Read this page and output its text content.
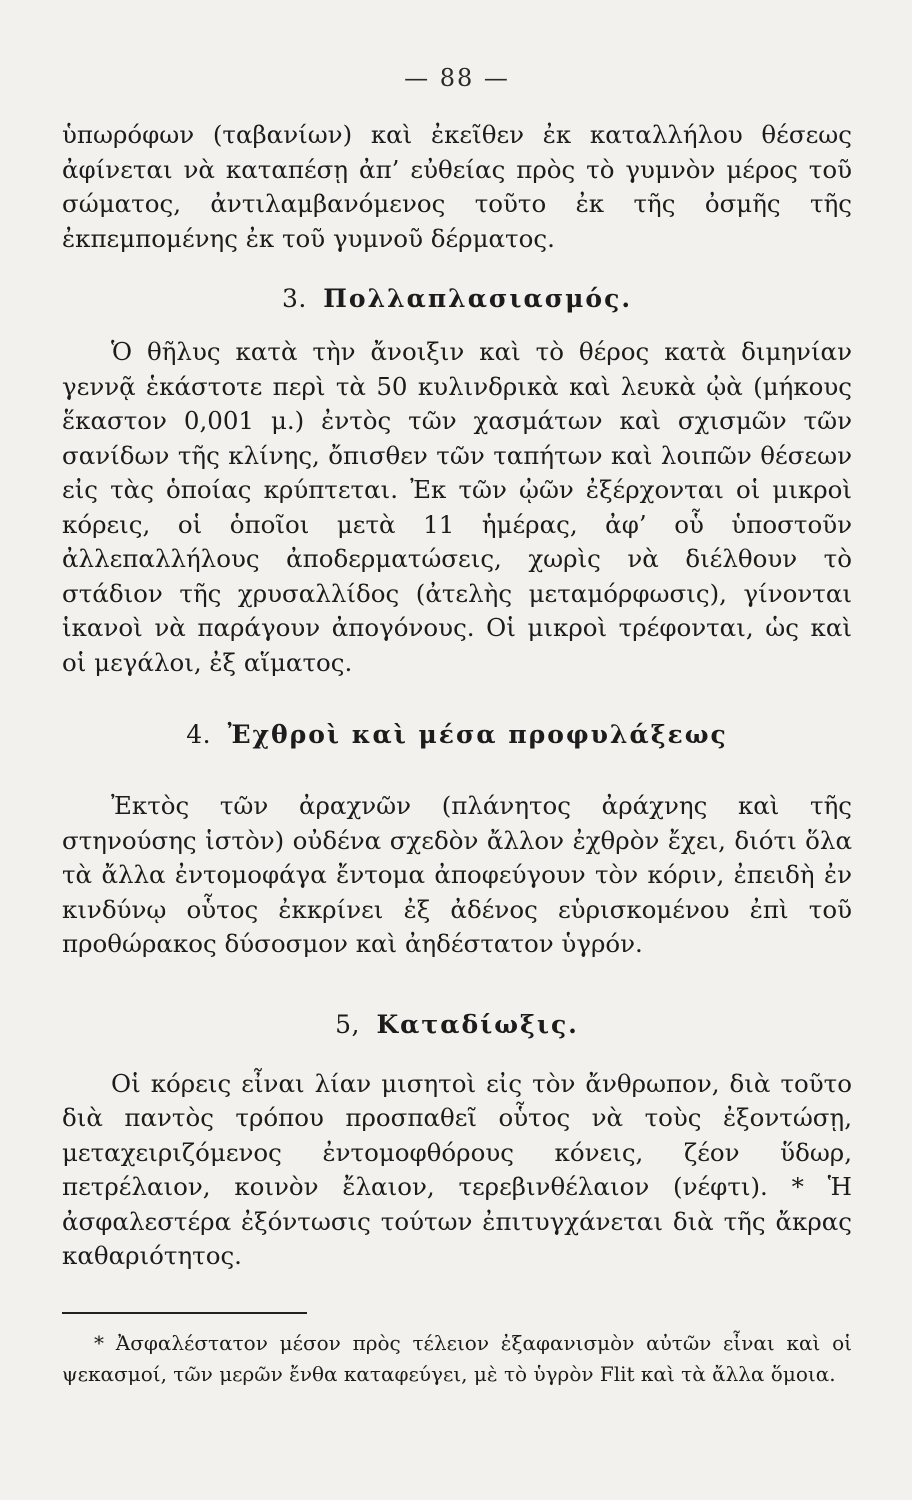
— 88 —

ὑπωρόφων (ταβανίων) καὶ ἐκεῖθεν ἐκ καταλλήλου θέσεως ἀφίνεται νὰ καταπέσῃ ἀπ’ εὐθείας πρὸς τὸ γυμνὸν μέρος τοῦ σώματος, ἀντιλαμβανόμενος τοῦτο ἐκ τῆς ὀσμῆς τῆς ἐκπεμπομένης ἐκ τοῦ γυμνοῦ δέρματος.

3. Πολλαπλασιασμός.

Ὁ θῆλυς κατὰ τὴν ἄνοιξιν καὶ τὸ θέρος κατὰ διμηνίαν γεννᾷ ἑκάστοτε περὶ τὰ 50 κυλινδρικὰ καὶ λευκὰ ᾠὰ (μήκους ἕκαστον 0,001 μ.) ἐντὸς τῶν χασμάτων καὶ σχισμῶν τῶν σανίδων τῆς κλίνης, ὄπισθεν τῶν ταπήτων καὶ λοιπῶν θέσεων εἰς τὰς ὁποίας κρύπτεται. Ἐκ τῶν ᾠῶν ἐξέρχονται οἱ μικροὶ κόρεις, οἱ ὁποῖοι μετὰ 11 ἡμέρας, ἀφ’ οὗ ὑποστοῦν ἀλλεπαλλήλους ἀποδερματώσεις, χωρὶς νὰ διέλθουν τὸ στάδιον τῆς χρυσαλλίδος (ἀτελὴς μεταμόρφωσις), γίνονται ἱκανοὶ νὰ παράγουν ἀπογόνους. Οἱ μικροὶ τρέφονται, ὡς καὶ οἱ μεγάλοι, ἐξ αἵματος.

4. Ἐχθροὶ καὶ μέσα προφυλάξεως

Ἐκτὸς τῶν ἀραχνῶν (πλάνητος ἀράχνης καὶ τῆς στηνούσης ἱστὸν) οὐδένα σχεδὸν ἄλλον ἐχθρὸν ἔχει, διότι ὅλα τὰ ἄλλα ἐντομοφάγα ἔντομα ἀποφεύγουν τὸν κόριν, ἐπειδὴ ἐν κινδύνῳ οὗτος ἐκκρίνει ἐξ ἀδένος εὑρισκομένου ἐπὶ τοῦ προθώρακος δύσοσμον καὶ ἀηδέστατον ὑγρόν.

5, Καταδίωξις.

Οἱ κόρεις εἶναι λίαν μισητοὶ εἰς τὸν ἄνθρωπον, διὰ τοῦτο διὰ παντὸς τρόπου προσπαθεῖ οὗτος νὰ τοὺς ἐξοντώσῃ, μεταχειριζόμενος ἐντομοφθόρους κόνεις, ζέον ὕδωρ, πετρέλαιον, κοινὸν ἔλαιον, τερεβινθέλαιον (νέφτι). * Ἡ ἀσφαλεστέρα ἐξόντωσις τούτων ἐπιτυγχάνεται διὰ τῆς ἄκρας καθαριότητος.

* Ἀσφαλέστατον μέσον πρὸς τέλειον ἐξαφανισμὸν αὐτῶν εἶναι καὶ οἱ ψεκασμοί, τῶν μερῶν ἔνθα καταφεύγει, μὲ τὸ ὑγρὸν Flit καὶ τὰ ἄλλα ὅμοια.
